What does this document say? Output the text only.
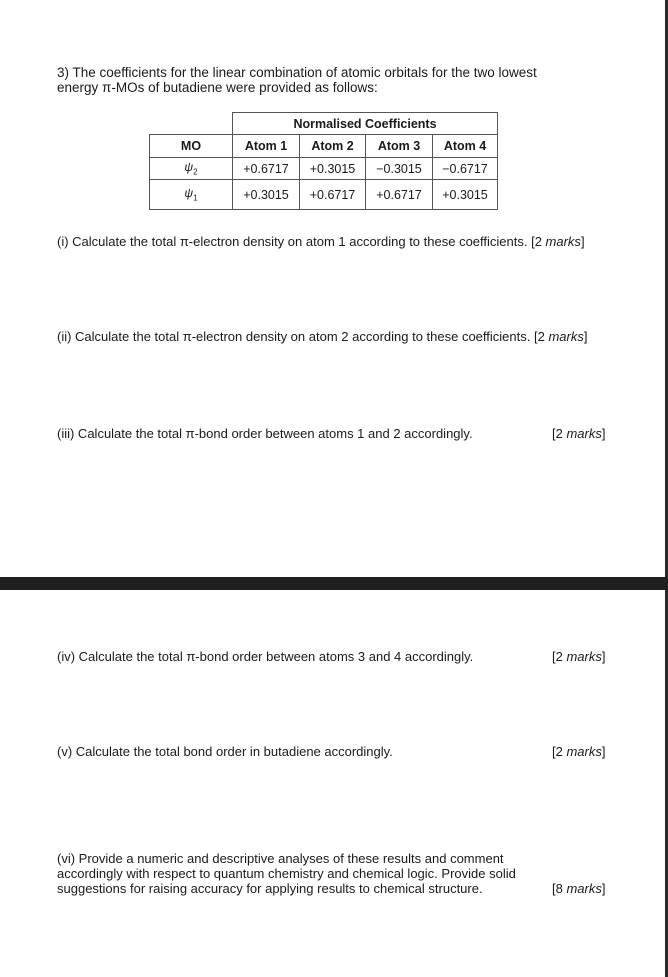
3) The coefficients for the linear combination of atomic orbitals for the two lowest

energy π-MOs of butadiene were provided as follows:

	Normalised Coefficients			
MO	Atom 1	Atom 2	Atom 3	Atom 4
$\psi_2$	+0.6717	+0.3015	−0.3015	−0.6717
$\psi_1$	+0.3015	+0.6717	+0.6717	+0.3015
(i) Calculate the total π-electron density on atom 1 according to these coefficients. [2 marks]
(ii) Calculate the total π-electron density on atom 2 according to these coefficients. [2 marks]
(iii) Calculate the total π-bond order between atoms 1 and 2 accordingly.	[2 marks]
(iv) Calculate the total π-bond order between atoms 3 and 4 accordingly.	[2 marks]
(v) Calculate the total bond order in butadiene accordingly.	[2 marks]
(vi) Provide a numeric and descriptive analyses of these results and comment
accordingly with respect to quantum chemistry and chemical logic. Provide solid
suggestions for raising accuracy for applying results to chemical structure.	[8 marks]
